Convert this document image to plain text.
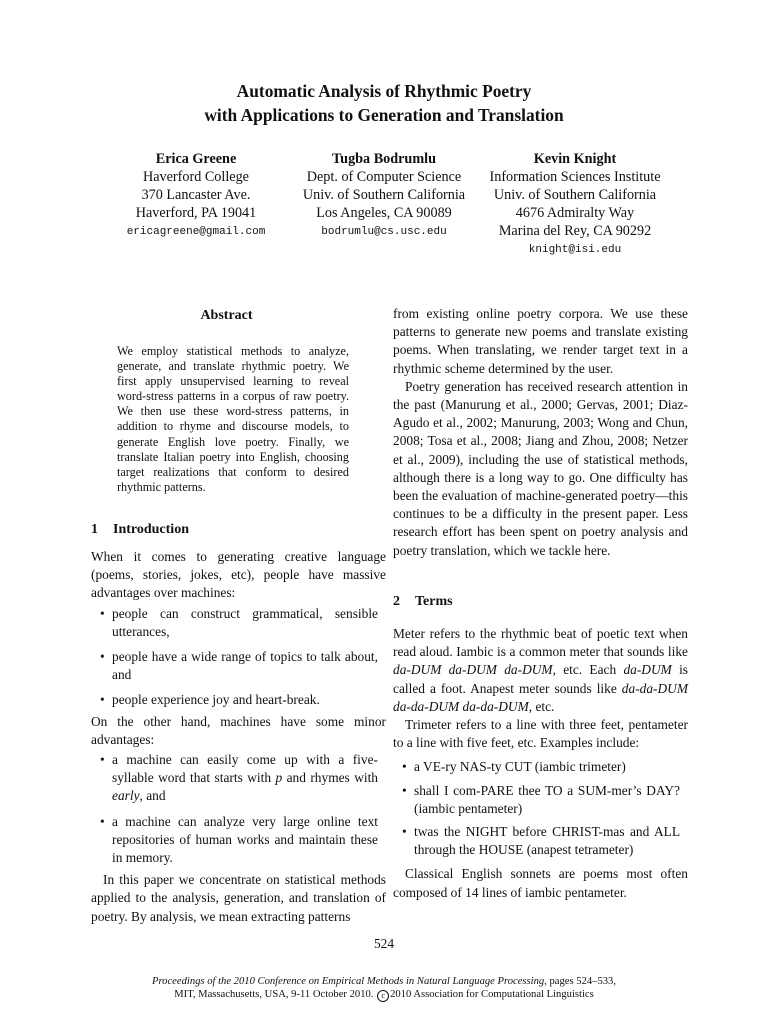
Automatic Analysis of Rhythmic Poetry
with Applications to Generation and Translation
Erica Greene
Haverford College
370 Lancaster Ave.
Haverford, PA 19041
ericagreene@gmail.com
Tugba Bodrumlu
Dept. of Computer Science
Univ. of Southern California
Los Angeles, CA 90089
bodrumlu@cs.usc.edu
Kevin Knight
Information Sciences Institute
Univ. of Southern California
4676 Admiralty Way
Marina del Rey, CA 90292
knight@isi.edu
Abstract
We employ statistical methods to analyze, generate, and translate rhythmic poetry. We first apply unsupervised learning to reveal word-stress patterns in a corpus of raw poetry. We then use these word-stress patterns, in addition to rhyme and discourse models, to generate English love poetry. Finally, we translate Italian poetry into English, choosing target realizations that conform to desired rhythmic patterns.
1 Introduction

When it comes to generating creative language (poems, stories, jokes, etc), people have massive advantages over machines:

• people can construct grammatical, sensible utterances,
• people have a wide range of topics to talk about, and
• people experience joy and heart-break.

On the other hand, machines have some minor advantages:

• a machine can easily come up with a five-syllable word that starts with p and rhymes with early, and
• a machine can analyze very large online text repositories of human works and maintain these in memory.

In this paper we concentrate on statistical methods applied to the analysis, generation, and translation of poetry. By analysis, we mean extracting patterns

from existing online poetry corpora. We use these patterns to generate new poems and translate existing poems. When translating, we render target text in a rhythmic scheme determined by the user.

Poetry generation has received research attention in the past (Manurung et al., 2000; Gervas, 2001; Diaz-Agudo et al., 2002; Manurung, 2003; Wong and Chun, 2008; Tosa et al., 2008; Jiang and Zhou, 2008; Netzer et al., 2009), including the use of statistical methods, although there is a long way to go. One difficulty has been the evaluation of machine-generated poetry—this continues to be a difficulty in the present paper. Less research effort has been spent on poetry analysis and poetry translation, which we tackle here.

2 Terms

Meter refers to the rhythmic beat of poetic text when read aloud. Iambic is a common meter that sounds like da-DUM da-DUM da-DUM, etc. Each da-DUM is called a foot. Anapest meter sounds like da-da-DUM da-da-DUM da-da-DUM, etc.

Trimeter refers to a line with three feet, pentameter to a line with five feet, etc. Examples include:

• a VE-ry NAS-ty CUT (iambic trimeter)
• shall I com-PARE thee TO a SUM-mer’s DAY? (iambic pentameter)
• twas the NIGHT before CHRIST-mas and ALL through the HOUSE (anapest tetrameter)

Classical English sonnets are poems most often composed of 14 lines of iambic pentameter.

524
Proceedings of the 2010 Conference on Empirical Methods in Natural Language Processing, pages 524–533,
MIT, Massachusetts, USA, 9-11 October 2010. c 2010 Association for Computational Linguistics
